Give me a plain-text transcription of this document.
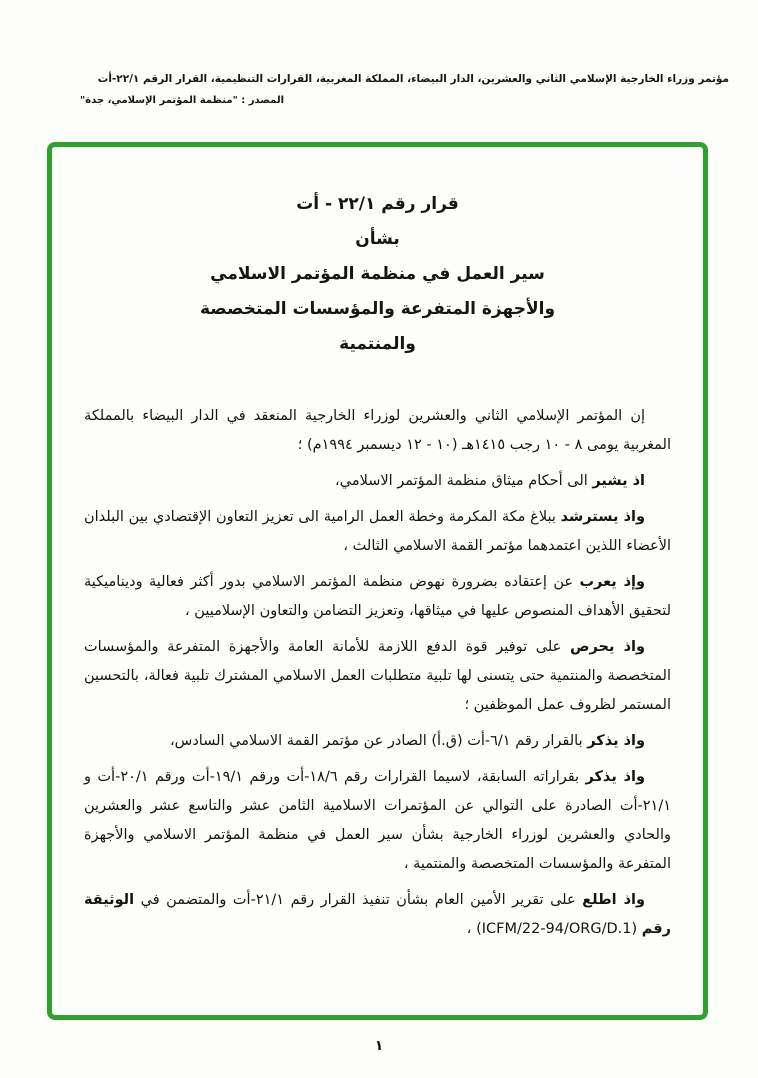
مؤتمر وزراء الخارجية الإسلامي الثاني والعشرين، الدار البيضاء، المملكة المغربية، القرارات التنظيمية، القرار الرقم ٢٢/١-أت
المصدر : "منظمة المؤتمر الإسلامي، جدة"
قرار رقم ٢٢/١ - أت
بشأن
سير العمل في منظمة المؤتمر الاسلامي
والأجهزة المتفرعة والمؤسسات المتخصصة
والمنتمية

إن المؤتمر الإسلامي الثاني والعشرين لوزراء الخارجية المنعقد في الدار البيضاء بالمملكة المغربية يومى ٨ - ١٠ رجب ١٤١٥هـ (١٠ - ١٢ ديسمبر ١٩٩٤م) ؛

اذ يشير الى أحكام ميثاق منظمة المؤتمر الاسلامي،

واذ يسترشد ببلاغ مكة المكرمة وخطة العمل الرامية الى تعزيز التعاون الإقتصادي بين البلدان الأعضاء اللذين اعتمدهما مؤتمر القمة الاسلامي الثالث ،

وإذ يعرب عن إعتقاده بضرورة نهوض منظمة المؤتمر الاسلامي بدور أكثر فعالية وديناميكية لتحقيق الأهداف المنصوص عليها في ميثاقها، وتعزيز التضامن والتعاون الإسلاميين ،

واذ يحرص على توفير قوة الدفع اللازمة للأمانة العامة والأجهزة المتفرعة والمؤسسات المتخصصة والمنتمية حتى يتسنى لها تلبية متطلبات العمل الاسلامي المشترك تلبية فعالة، بالتحسين المستمر لظروف عمل الموظفين ؛

واذ يذكر بالقرار رقم ٦/١-أت (ق.أ) الصادر عن مؤتمر القمة الاسلامي السادس،

واذ يذكر بقراراته السابقة، لاسيما القرارات رقم ١٨/٦-أت ورقم ١٩/١-أت ورقم ٢٠/١-أت و ٢١/١-أت الصادرة على التوالي عن المؤتمرات الاسلامية الثامن عشر والتاسع عشر والعشرين والحادي والعشرين لوزراء الخارجية بشأن سير العمل في منظمة المؤتمر الاسلامي والأجهزة المتفرعة والمؤسسات المتخصصة والمنتمية ،

واذ اطلع على تقرير الأمين العام بشأن تنفيذ القرار رقم ٢١/١-أت والمتضمن في الوثيقة رقم (ICFM/22-94/ORG/D.1) ،

١
